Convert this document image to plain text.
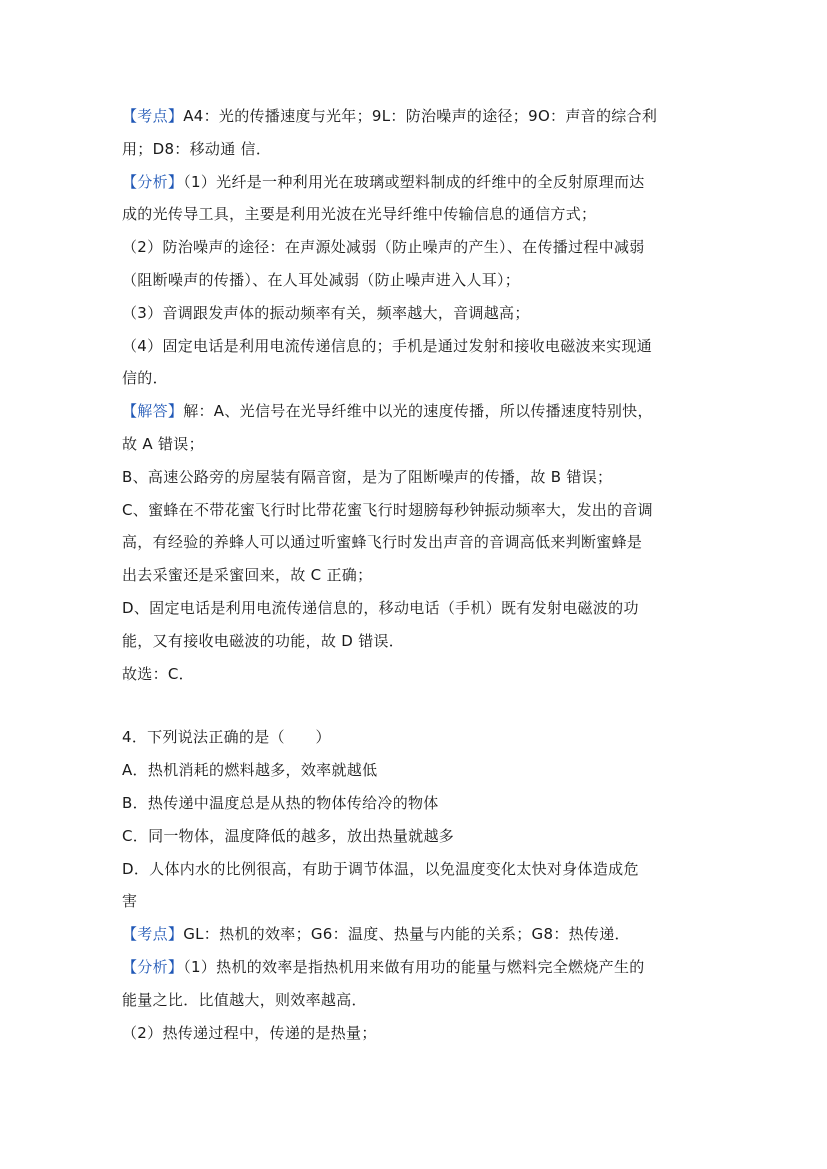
【考点】A4：光的传播速度与光年；9L：防治噪声的途径；9O：声音的综合利
用；D8：移动通 信．
【分析】（1）光纤是一种利用光在玻璃或塑料制成的纤维中的全反射原理而达
成的光传导工具，主要是利用光波在光导纤维中传输信息的通信方式；
（2）防治噪声的途径：在声源处减弱（防止噪声的产生）、在传播过程中减弱
（阻断噪声的传播）、在人耳处减弱（防止噪声进入人耳）；
（3）音调跟发声体的振动频率有关，频率越大，音调越高；
（4）固定电话是利用电流传递信息的；手机是通过发射和接收电磁波来实现通
信的．
【解答】解：A、光信号在光导纤维中以光的速度传播，所以传播速度特别快，
故 A 错误；
B、高速公路旁的房屋装有隔音窗，是为了阻断噪声的传播，故 B 错误；
C、蜜蜂在不带花蜜飞行时比带花蜜飞行时翅膀每秒钟振动频率大，发出的音调
高，有经验的养蜂人可以通过听蜜蜂飞行时发出声音的音调高低来判断蜜蜂是
出去采蜜还是采蜜回来，故 C 正确；
D、固定电话是利用电流传递信息的，移动电话（手机）既有发射电磁波的功
能，又有接收电磁波的功能，故 D 错误．
故选：C．
4．下列说法正确的是（　　）
A．热机消耗的燃料越多，效率就越低
B．热传递中温度总是从热的物体传给冷的物体
C．同一物体，温度降低的越多，放出热量就越多
D．人体内水的比例很高，有助于调节体温，以免温度变化太快对身体造成危
害
【考点】GL：热机的效率；G6：温度、热量与内能的关系；G8：热传递．
【分析】（1）热机的效率是指热机用来做有用功的能量与燃料完全燃烧产生的
能量之比．比值越大，则效率越高．
（2）热传递过程中，传递的是热量；
